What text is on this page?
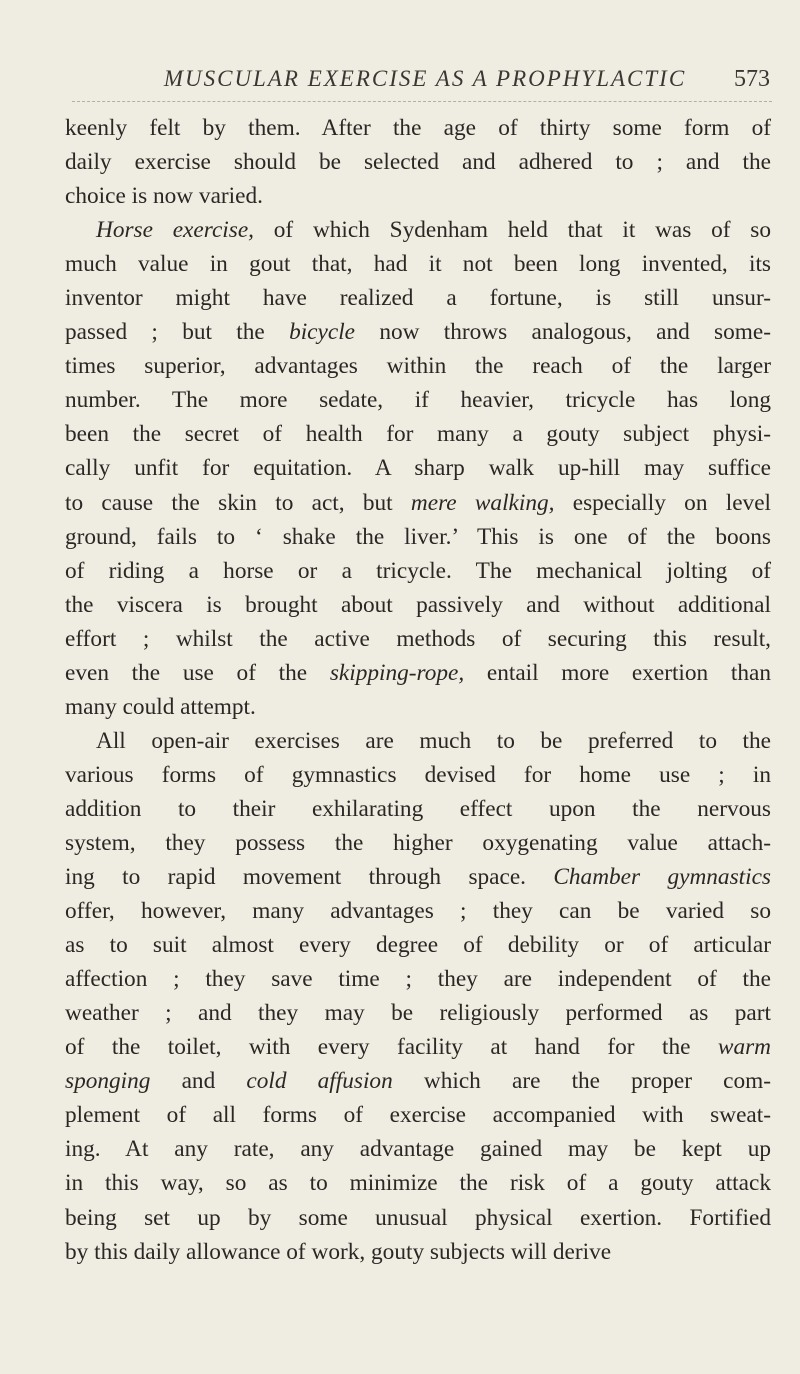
MUSCULAR EXERCISE AS A PROPHYLACTIC	573
keenly felt by them. After the age of thirty some form of
daily exercise should be selected and adhered to ; and the
choice is now varied.
Horse exercise, of which Sydenham held that it was of so
much value in gout that, had it not been long invented, its
inventor might have realized a fortune, is still unsur-
passed ; but the bicycle now throws analogous, and some-
times superior, advantages within the reach of the larger
number. The more sedate, if heavier, tricycle has long
been the secret of health for many a gouty subject physi-
cally unfit for equitation. A sharp walk up-hill may suffice
to cause the skin to act, but mere walking, especially on level
ground, fails to ‘ shake the liver.’ This is one of the boons
of riding a horse or a tricycle. The mechanical jolting of
the viscera is brought about passively and without additional
effort ; whilst the active methods of securing this result,
even the use of the skipping-rope, entail more exertion than
many could attempt.
All open-air exercises are much to be preferred to the
various forms of gymnastics devised for home use ; in
addition to their exhilarating effect upon the nervous
system, they possess the higher oxygenating value attach-
ing to rapid movement through space. Chamber gymnastics
offer, however, many advantages ; they can be varied so
as to suit almost every degree of debility or of articular
affection ; they save time ; they are independent of the
weather ; and they may be religiously performed as part
of the toilet, with every facility at hand for the warm
sponging and cold affusion which are the proper com-
plement of all forms of exercise accompanied with sweat-
ing. At any rate, any advantage gained may be kept up
in this way, so as to minimize the risk of a gouty attack
being set up by some unusual physical exertion. Fortified
by this daily allowance of work, gouty subjects will derive
